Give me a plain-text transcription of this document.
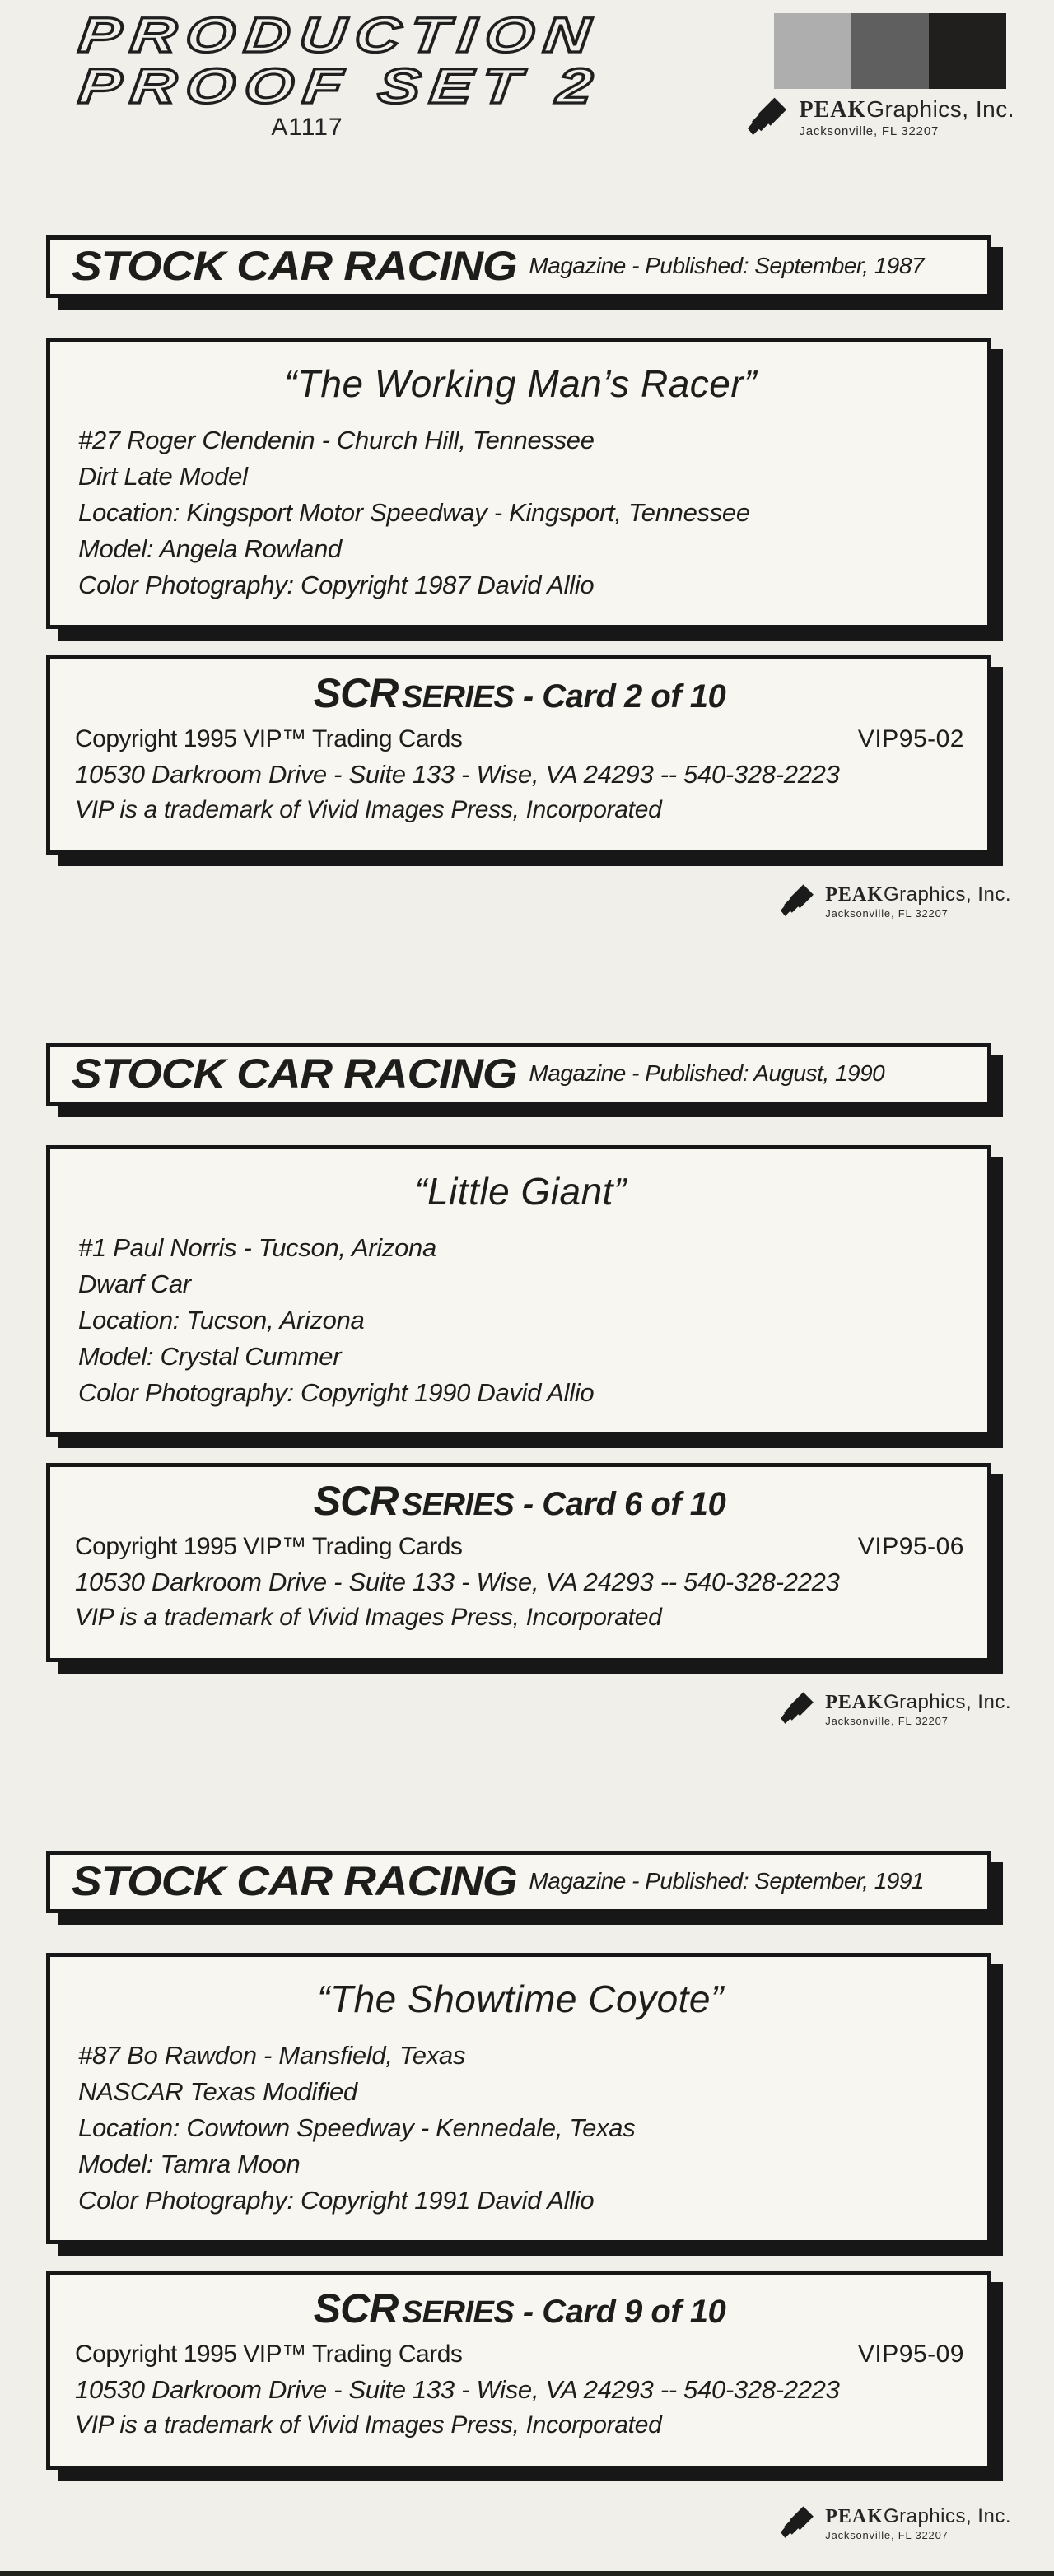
PRODUCTION
PROOF SET 2
A1117
PEAKGraphics, Inc.
Jacksonville, FL 32207
STOCK CAR RACING Magazine - Published: September, 1987
“The Working Man’s Racer”
#27 Roger Clendenin - Church Hill, Tennessee
Dirt Late Model
Location: Kingsport Motor Speedway - Kingsport, Tennessee
Model: Angela Rowland
Color Photography: Copyright 1987 David Allio
SCR SERIES - Card 2 of 10
Copyright 1995 VIP™ Trading Cards	VIP95-02
10530 Darkroom Drive - Suite 133 - Wise, VA 24293 -- 540-328-2223
VIP is a trademark of Vivid Images Press, Incorporated
PEAKGraphics, Inc.
Jacksonville, FL 32207
STOCK CAR RACING Magazine - Published: August, 1990
“Little Giant”
#1 Paul Norris - Tucson, Arizona
Dwarf Car
Location: Tucson, Arizona
Model: Crystal Cummer
Color Photography: Copyright 1990 David Allio
SCR SERIES - Card 6 of 10
Copyright 1995 VIP™ Trading Cards	VIP95-06
10530 Darkroom Drive - Suite 133 - Wise, VA 24293 -- 540-328-2223
VIP is a trademark of Vivid Images Press, Incorporated
PEAKGraphics, Inc.
Jacksonville, FL 32207
STOCK CAR RACING Magazine - Published: September, 1991
“The Showtime Coyote”
#87 Bo Rawdon - Mansfield, Texas
NASCAR Texas Modified
Location: Cowtown Speedway - Kennedale, Texas
Model: Tamra Moon
Color Photography: Copyright 1991 David Allio
SCR SERIES - Card 9 of 10
Copyright 1995 VIP™ Trading Cards	VIP95-09
10530 Darkroom Drive - Suite 133 - Wise, VA 24293 -- 540-328-2223
VIP is a trademark of Vivid Images Press, Incorporated
PEAKGraphics, Inc.
Jacksonville, FL 32207
